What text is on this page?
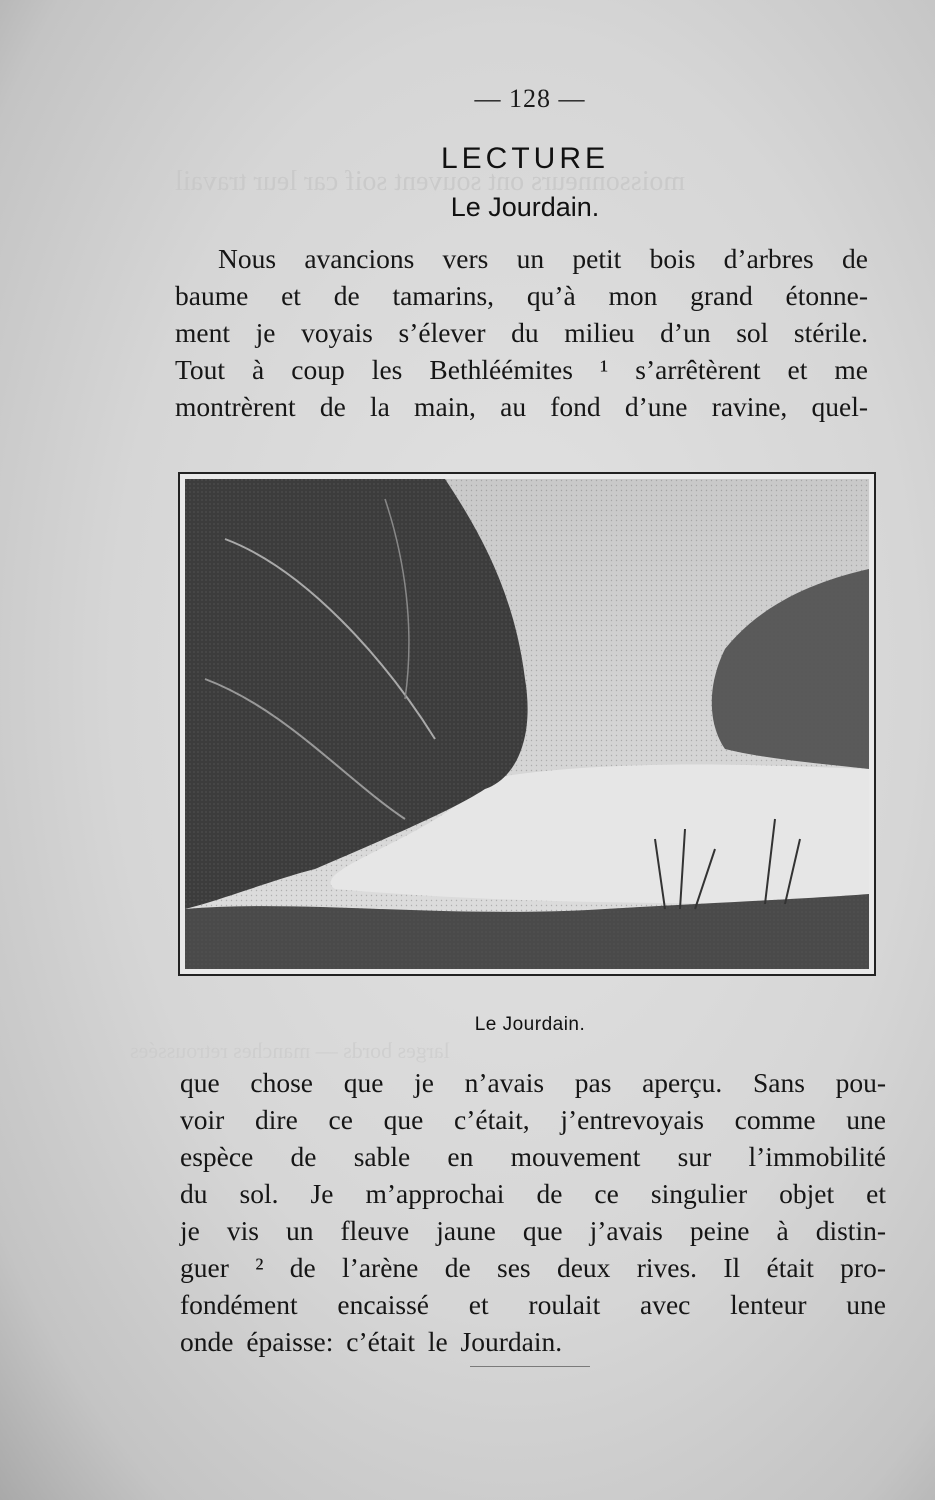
moissonneurs ont souvent soif car leur travail
larges bords — manches retroussées
— 128 —
LECTURE
Le Jourdain.
Nous avancions vers un petit bois d’arbres de
baume et de tamarins, qu’à mon grand étonne-
ment je voyais s’élever du milieu d’un sol stérile.
Tout à coup les Bethléémites ¹ s’arrêtèrent et me
montrèrent de la main, au fond d’une ravine, quel-
Le Jourdain.
que chose que je n’avais pas aperçu. Sans pou-
voir dire ce que c’était, j’entrevoyais comme une
espèce de sable en mouvement sur l’immobilité
du sol. Je m’approchai de ce singulier objet et
je vis un fleuve jaune que j’avais peine à distin-
guer ² de l’arène de ses deux rives. Il était pro-
fondément encaissé et roulait avec lenteur une
onde épaisse: c’était le Jourdain.
